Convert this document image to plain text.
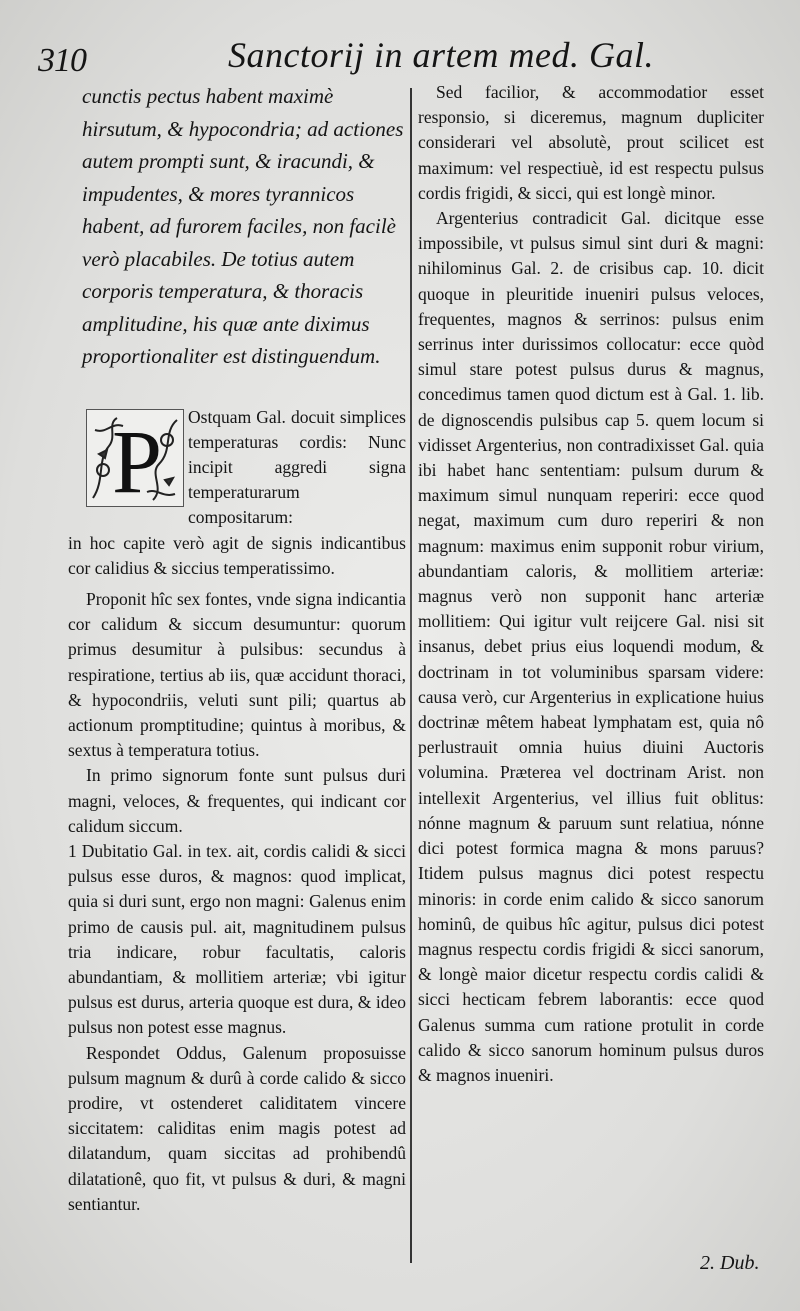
310	Sanctorij in artem med. Gal.

cunctis pectus habent maximè hirsutum, & hypocondria; ad actiones autem prompti sunt, & iracundi, & impudentes, & mores tyrannicos habent, ad furorem faciles, non facilè verò placabiles. De totius autem corporis temperatura, & thoracis amplitudine, his quæ ante diximus proportionaliter est distinguendum.

P Ostquam Gal. docuit simplices temperaturas cordis: Nunc incipit aggredi signa temperaturarum compositarum:

in hoc capite verò agit de signis indicantibus cor calidius & siccius temperatissimo.

Proponit hîc sex fontes, vnde signa indicantia cor calidum & siccum desumuntur: quorum primus desumitur à pulsibus: secundus à respiratione, tertius ab iis, quæ accidunt thoraci, & hypocondriis, veluti sunt pili; quartus ab actionum promptitudine; quintus à moribus, & sextus à temperatura totius.

In primo signorum fonte sunt pulsus duri magni, veloces, & frequentes, qui indicant cor calidum siccum.

1 Dubitatio Gal. in tex. ait, cordis calidi & sicci pulsus esse duros, & magnos: quod implicat, quia si duri sunt, ergo non magni: Galenus enim primo de causis pul. ait, magnitudinem pulsus tria indicare, robur facultatis, caloris abundantiam, & mollitiem arteriæ; vbi igitur pulsus est durus, arteria quoque est dura, & ideo pulsus non potest esse magnus.

Respondet Oddus, Galenum proposuisse pulsum magnum & durû à corde calido & sicco prodire, vt ostenderet caliditatem vincere siccitatem: caliditas enim magis potest ad dilatandum, quam siccitas ad prohibendû dilatationê, quo fit, vt pulsus & duri, & magni sentiantur.

Sed facilior, & accommodatior esset responsio, si diceremus, magnum dupliciter considerari vel absolutè, prout scilicet est maximum: vel respectiuè, id est respectu pulsus cordis frigidi, & sicci, qui est longè minor.

Argenterius contradicit Gal. dicitque esse impossibile, vt pulsus simul sint duri & magni: nihilominus Gal. 2. de crisibus cap. 10. dicit quoque in pleuritide inueniri pulsus veloces, frequentes, magnos & serrinos: pulsus enim serrinus inter durissimos collocatur: ecce quòd simul stare potest pulsus durus & magnus, concedimus tamen quod dictum est à Gal. 1. lib. de dignoscendis pulsibus cap 5. quem locum si vidisset Argenterius, non contradixisset Gal. quia ibi habet hanc sententiam: pulsum durum & maximum simul nunquam reperiri: ecce quod negat, maximum cum duro reperiri & non magnum: maximus enim supponit robur virium, abundantiam caloris, & mollitiem arteriæ: magnus verò non supponit hanc arteriæ mollitiem: Qui igitur vult reijcere Gal. nisi sit insanus, debet prius eius loquendi modum, & doctrinam in tot voluminibus sparsam videre: causa verò, cur Argenterius in explicatione huius doctrinæ mêtem habeat lymphatam est, quia nô perlustrauit omnia huius diuini Auctoris volumina. Præterea vel doctrinam Arist. non intellexit Argenterius, vel illius fuit oblitus: nónne magnum & paruum sunt relatiua, nónne dici potest formica magna & mons paruus? Itidem pulsus magnus dici potest respectu minoris: in corde enim calido & sicco sanorum hominû, de quibus hîc agitur, pulsus dici potest magnus respectu cordis frigidi & sicci sanorum, & longè maior dicetur respectu cordis calidi & sicci hecticam febrem laborantis: ecce quod Galenus summa cum ratione protulit in corde calido & sicco sanorum hominum pulsus duros & magnos inueniri.

2. Dub.
